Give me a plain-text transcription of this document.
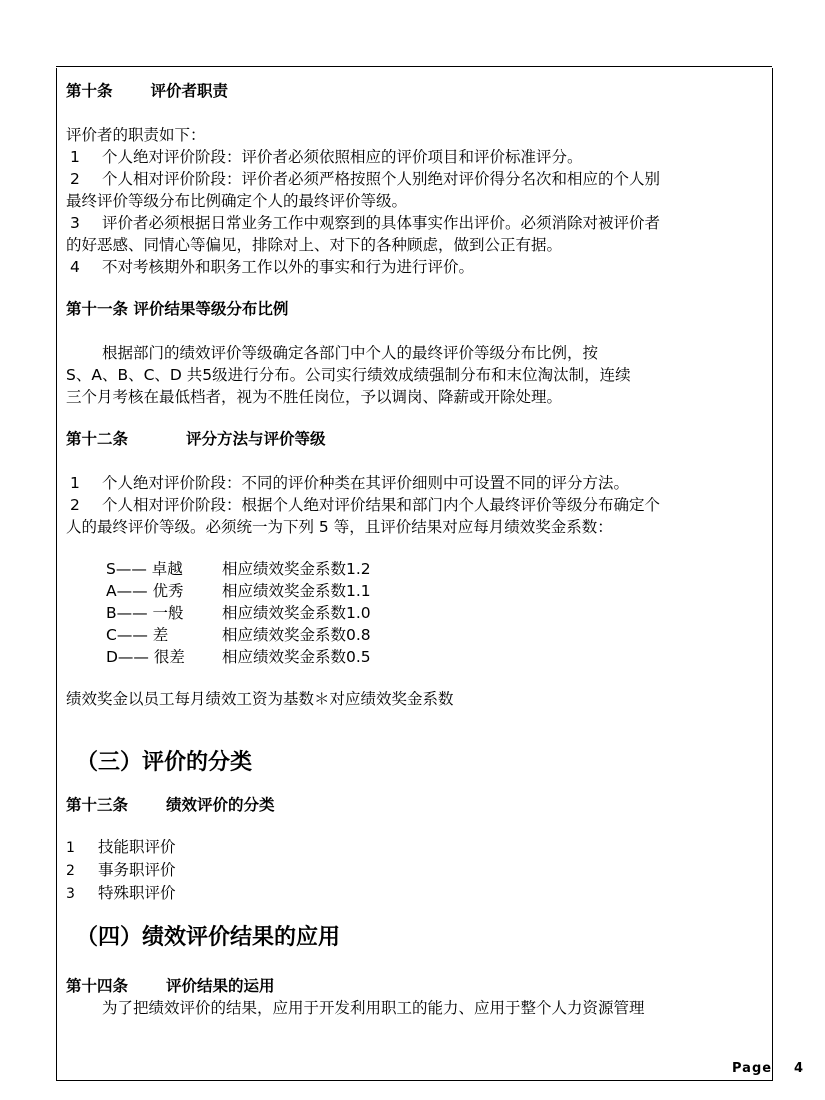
第十条 评价者职责

评价者的职责如下：

1 个人绝对评价阶段：评价者必须依照相应的评价项目和评价标准评分。

2 个人相对评价阶段：评价者必须严格按照个人别绝对评价得分名次和相应的个人别

最终评价等级分布比例确定个人的最终评价等级。

3 评价者必须根据日常业务工作中观察到的具体事实作出评价。必须消除对被评价者

的好恶感、同情心等偏见，排除对上、对下的各种顾虑，做到公正有据。

4 不对考核期外和职务工作以外的事实和行为进行评价。

第十一条 评价结果等级分布比例

根据部门的绩效评价等级确定各部门中个人的最终评价等级分布比例，按

S、A、B、C、D 共5级进行分布。公司实行绩效成绩强制分布和末位淘汰制，连续

三个月考核在最低档者，视为不胜任岗位，予以调岗、降薪或开除处理。

第十二条	评分方法与评价等级

1 个人绝对评价阶段：不同的评价种类在其评价细则中可设置不同的评分方法。

2 个人相对评价阶段：根据个人绝对评价结果和部门内个人最终评价等级分布确定个

人的最终评价等级。必须统一为下列 5 等，且评价结果对应每月绩效奖金系数：

S—— 卓越	相应绩效奖金系数1.2
A—— 优秀	相应绩效奖金系数1.1
B—— 一般	相应绩效奖金系数1.0
C—— 差	相应绩效奖金系数0.8
D—— 很差	相应绩效奖金系数0.5

绩效奖金以员工每月绩效工资为基数＊对应绩效奖金系数

（三）评价的分类
第十三条 绩效评价的分类

1 技能职评价

2 事务职评价

3 特殊职评价

（四）绩效评价结果的应用
第十四条 评价结果的运用

为了把绩效评价的结果，应用于开发利用职工的能力、应用于整个人力资源管理

Page 4
